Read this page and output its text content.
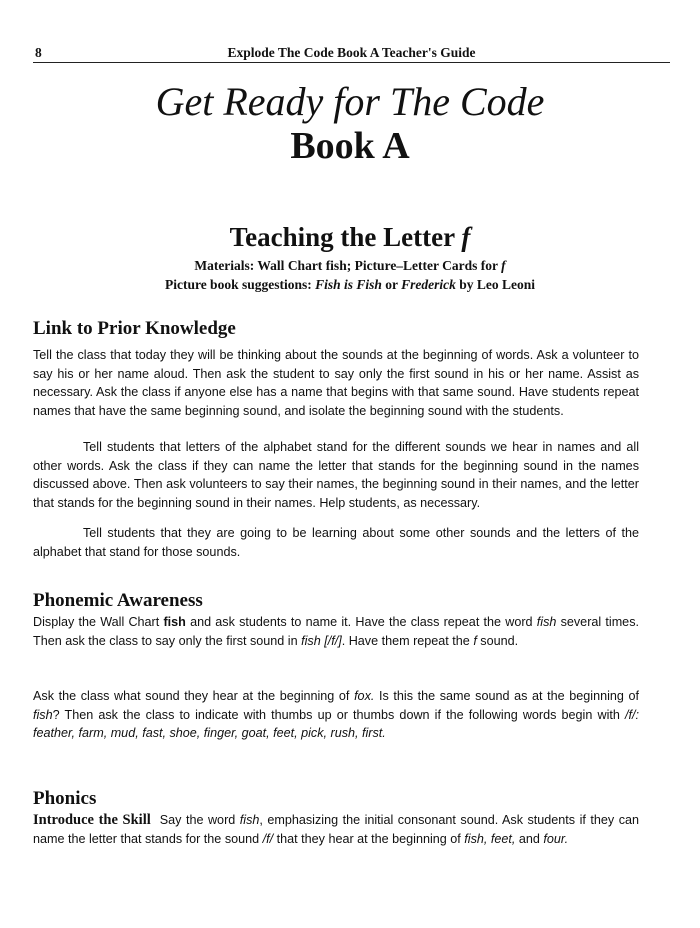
8	Explode The Code Book A Teacher's Guide
Get Ready for The Code
Book A
Teaching the Letter f
Materials: Wall Chart fish; Picture–Letter Cards for f
Picture book suggestions: Fish is Fish or Frederick by Leo Leoni
Link to Prior Knowledge

Tell the class that today they will be thinking about the sounds at the beginning of words. Ask a volunteer to say his or her name aloud. Then ask the student to say only the first sound in his or her name. Assist as necessary. Ask the class if anyone else has a name that begins with that same sound. Have students repeat names that have the same beginning sound, and isolate the beginning sound with the students.

Tell students that letters of the alphabet stand for the different sounds we hear in names and all other words. Ask the class if they can name the letter that stands for the beginning sound in the names discussed above. Then ask volunteers to say their names, the beginning sound in their names, and the letter that stands for the beginning sound in their names. Help students, as necessary.

Tell students that they are going to be learning about some other sounds and the letters of the alphabet that stand for those sounds.

Phonemic Awareness

Display the Wall Chart fish and ask students to name it. Have the class repeat the word fish several times. Then ask the class to say only the first sound in fish [/f/]. Have them repeat the f sound.

Ask the class what sound they hear at the beginning of fox. Is this the same sound as at the beginning of fish? Then ask the class to indicate with thumbs up or thumbs down if the following words begin with /f/: feather, farm, mud, fast, shoe, finger, goat, feet, pick, rush, first.

Phonics

Introduce the Skill  Say the word fish, emphasizing the initial consonant sound. Ask students if they can name the letter that stands for the sound /f/ that they hear at the beginning of fish, feet, and four.
